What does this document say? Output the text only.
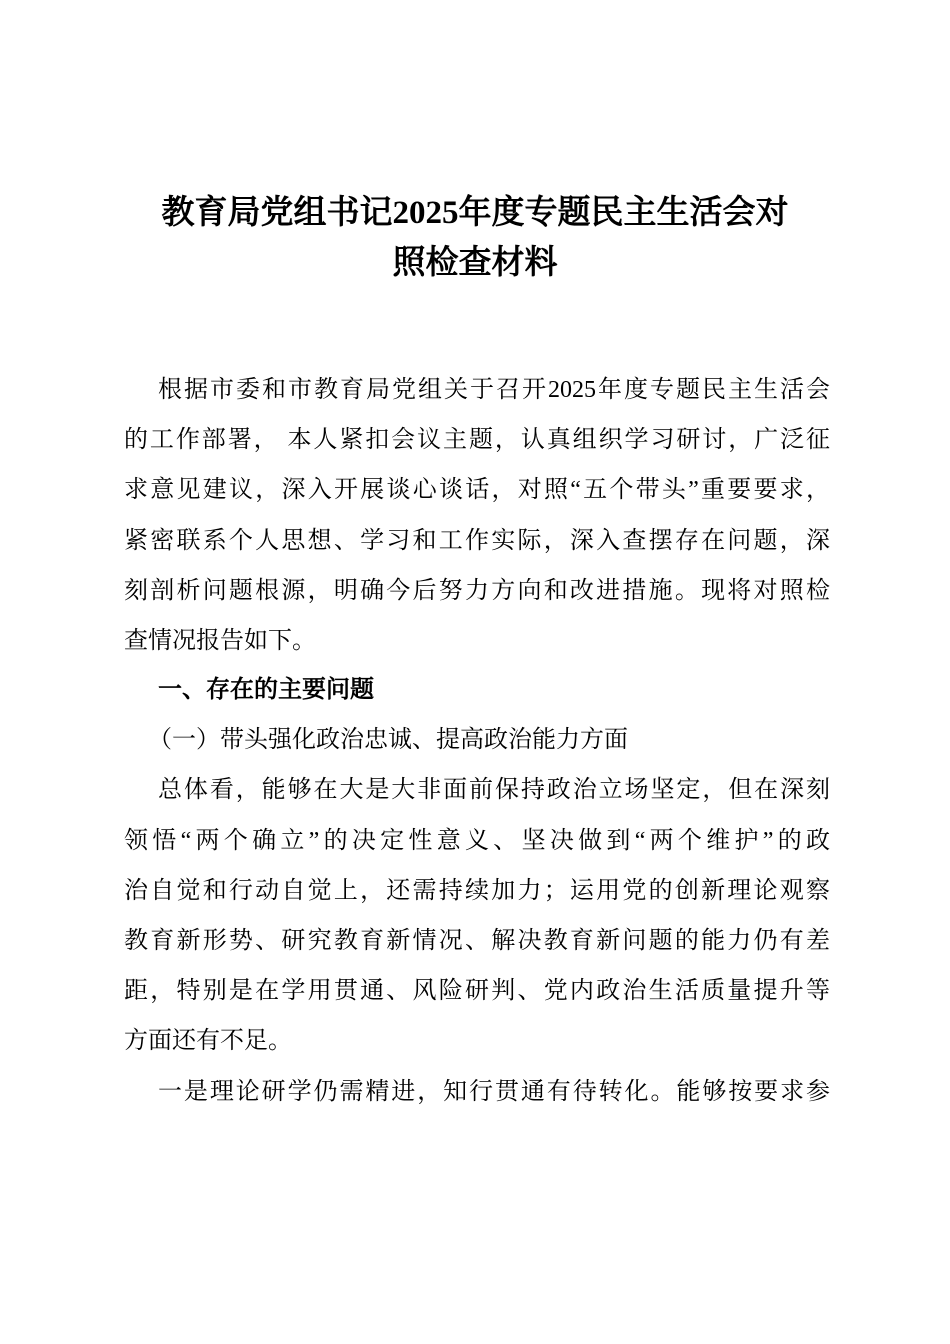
教育局党组书记2025年度专题民主生活会对
照检查材料
根据市委和市教育局党组关于召开2025年度专题民主生活会
的工作部署， 本人紧扣会议主题，认真组织学习研讨，广泛征
求意见建议，深入开展谈心谈话，对照“五个带头”重要要求，
紧密联系个人思想、学习和工作实际，深入查摆存在问题，深
刻剖析问题根源，明确今后努力方向和改进措施。现将对照检
查情况报告如下。
一、存在的主要问题
（一）带头强化政治忠诚、提高政治能力方面
总体看，能够在大是大非面前保持政治立场坚定，但在深刻
领悟“两个确立”的决定性意义、坚决做到“两个维护”的政
治自觉和行动自觉上，还需持续加力；运用党的创新理论观察
教育新形势、研究教育新情况、解决教育新问题的能力仍有差
距，特别是在学用贯通、风险研判、党内政治生活质量提升等
方面还有不足。
一是理论研学仍需精进，知行贯通有待转化。能够按要求参
